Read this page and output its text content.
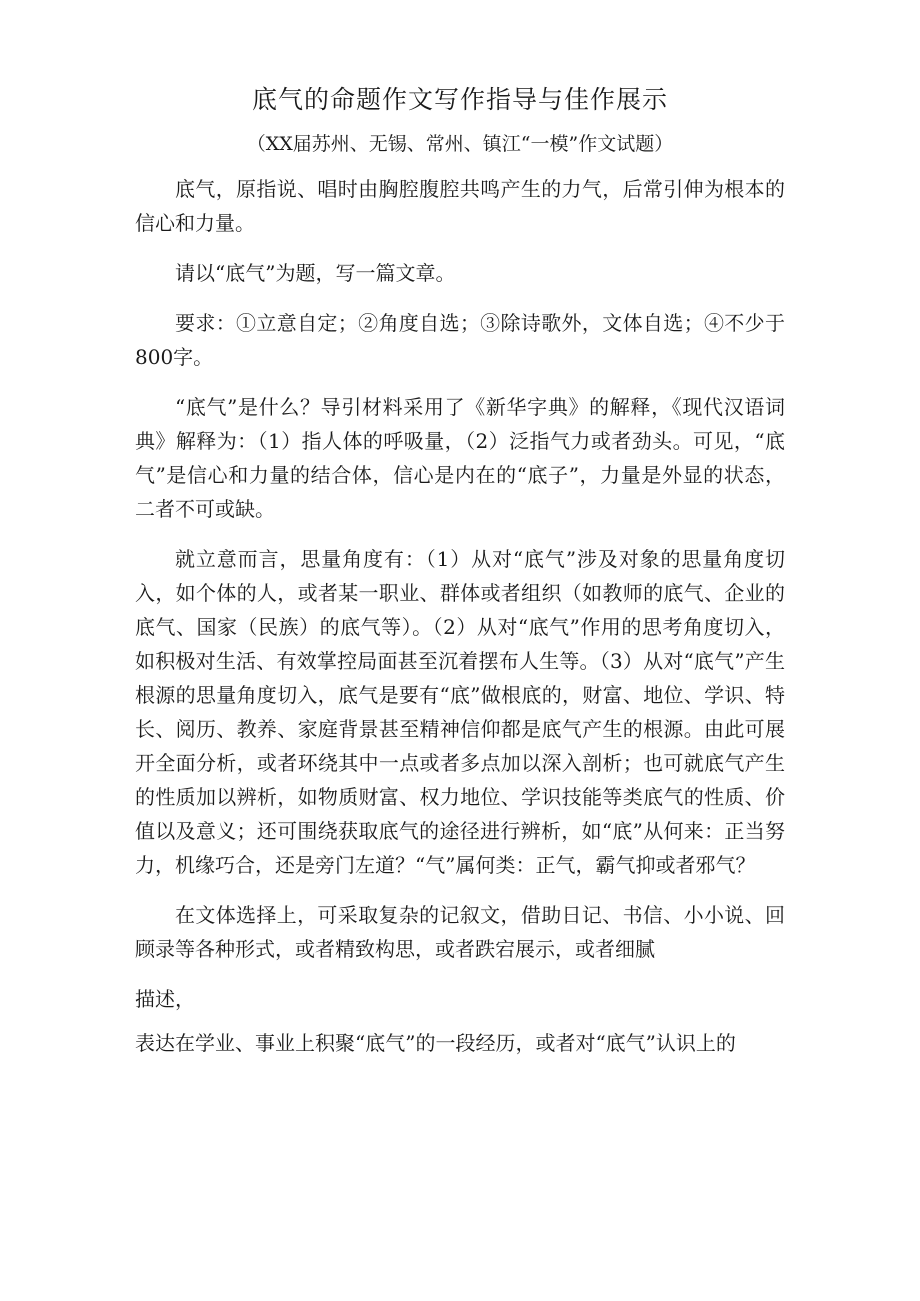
底气的命题作文写作指导与佳作展示
（XX届苏州、无锡、常州、镇江“一模”作文试题）

底气，原指说、唱时由胸腔腹腔共鸣产生的力气，后常引伸为根本的信心和力量。

请以“底气”为题，写一篇文章。

要求：①立意自定；②角度自选；③除诗歌外，文体自选；④不少于800字。

“底气”是什么？导引材料采用了《新华字典》的解释，《现代汉语词典》解释为：（1）指人体的呼吸量，（2）泛指气力或者劲头。可见，“底气”是信心和力量的结合体，信心是内在的“底子”，力量是外显的状态，二者不可或缺。

就立意而言，思量角度有：（1）从对“底气”涉及对象的思量角度切入，如个体的人，或者某一职业、群体或者组织（如教师的底气、企业的底气、国家（民族）的底气等）。（2）从对“底气”作用的思考角度切入，如积极对生活、有效掌控局面甚至沉着摆布人生等。（3）从对“底气”产生根源的思量角度切入，底气是要有“底”做根底的，财富、地位、学识、特长、阅历、教养、家庭背景甚至精神信仰都是底气产生的根源。由此可展开全面分析，或者环绕其中一点或者多点加以深入剖析；也可就底气产生的性质加以辨析，如物质财富、权力地位、学识技能等类底气的性质、价值以及意义；还可围绕获取底气的途径进行辨析，如“底”从何来：正当努力，机缘巧合，还是旁门左道？“气”属何类：正气，霸气抑或者邪气？

在文体选择上，可采取复杂的记叙文，借助日记、书信、小小说、回顾录等各种形式，或者精致构思，或者跌宕展示，或者细腻

描述，

表达在学业、事业上积聚“底气”的一段经历，或者对“底气”认识上的
